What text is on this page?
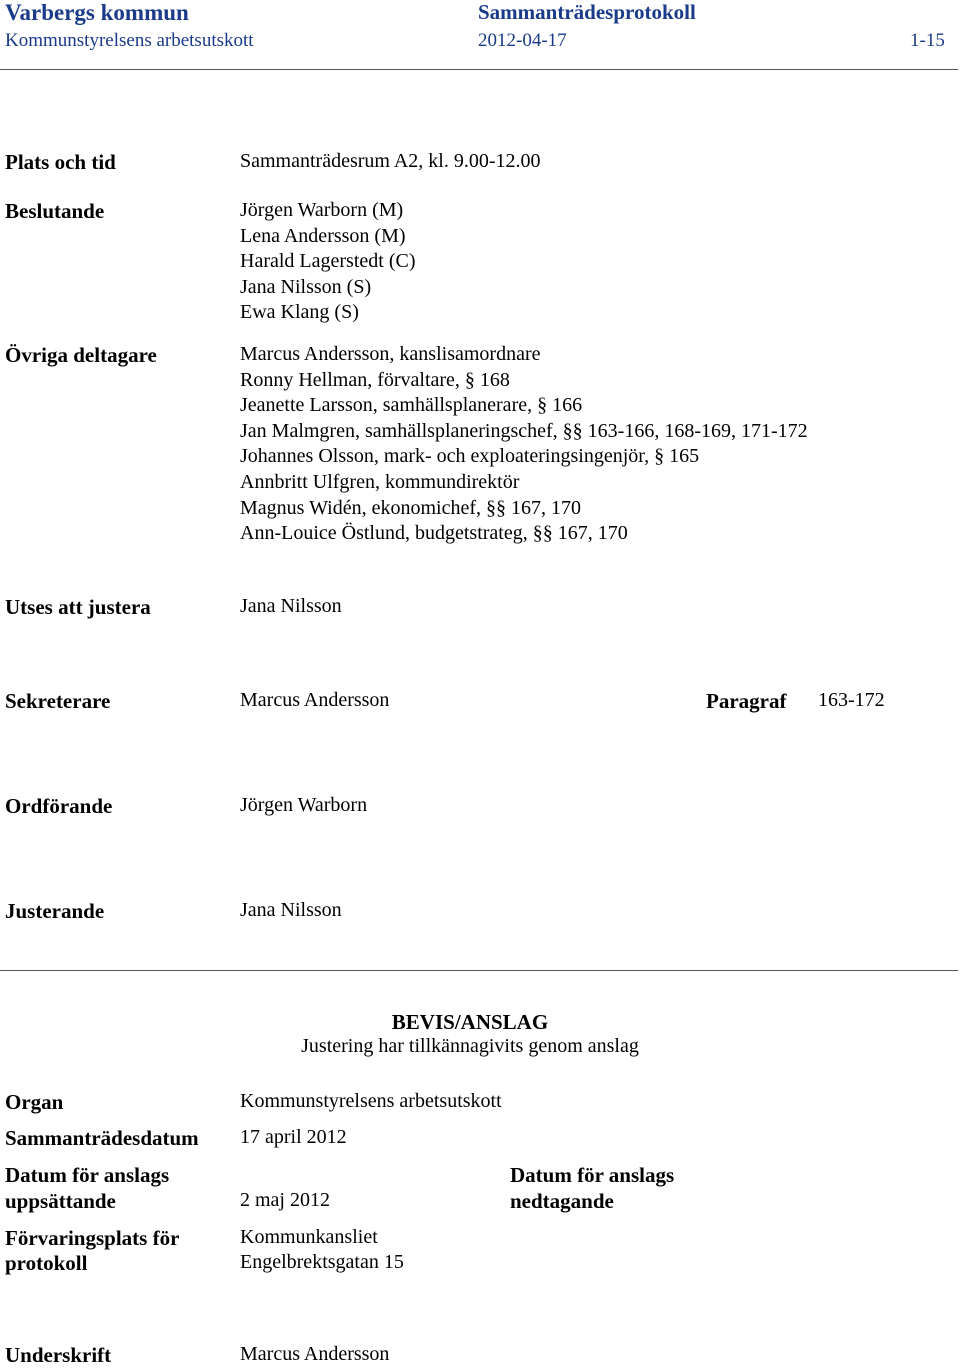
Varbergs kommun	Sammanträdesprotokoll
Kommunstyrelsens arbetsutskott	2012-04-17	1-15
Plats och tid	Sammanträdesrum A2, kl. 9.00-12.00
Beslutande	Jörgen Warborn (M)
Lena Andersson (M)
Harald Lagerstedt (C)
Jana Nilsson (S)
Ewa Klang (S)
Övriga deltagare	Marcus Andersson, kanslisamordnare
Ronny Hellman, förvaltare, § 168
Jeanette Larsson, samhällsplanerare, § 166
Jan Malmgren, samhällsplaneringschef, §§ 163-166, 168-169, 171-172
Johannes Olsson, mark- och exploateringsingenjör, § 165
Annbritt Ulfgren, kommundirektör
Magnus Widén, ekonomichef, §§ 167, 170
Ann-Louice Östlund, budgetstrateg, §§ 167, 170
Utses att justera	Jana Nilsson
Sekreterare	Marcus Andersson	Paragraf 163-172
Ordförande	Jörgen Warborn
Justerande	Jana Nilsson
BEVIS/ANSLAG
Justering har tillkännagivits genom anslag
Organ	Kommunstyrelsens arbetsutskott
Sammanträdesdatum 17 april 2012
Datum för anslags
uppsättande	2 maj 2012
Datum för anslags
nedtagande
Förvaringsplats för
protokoll
Kommunkansliet
Engelbrektsgatan 15
Underskrift	Marcus Andersson
